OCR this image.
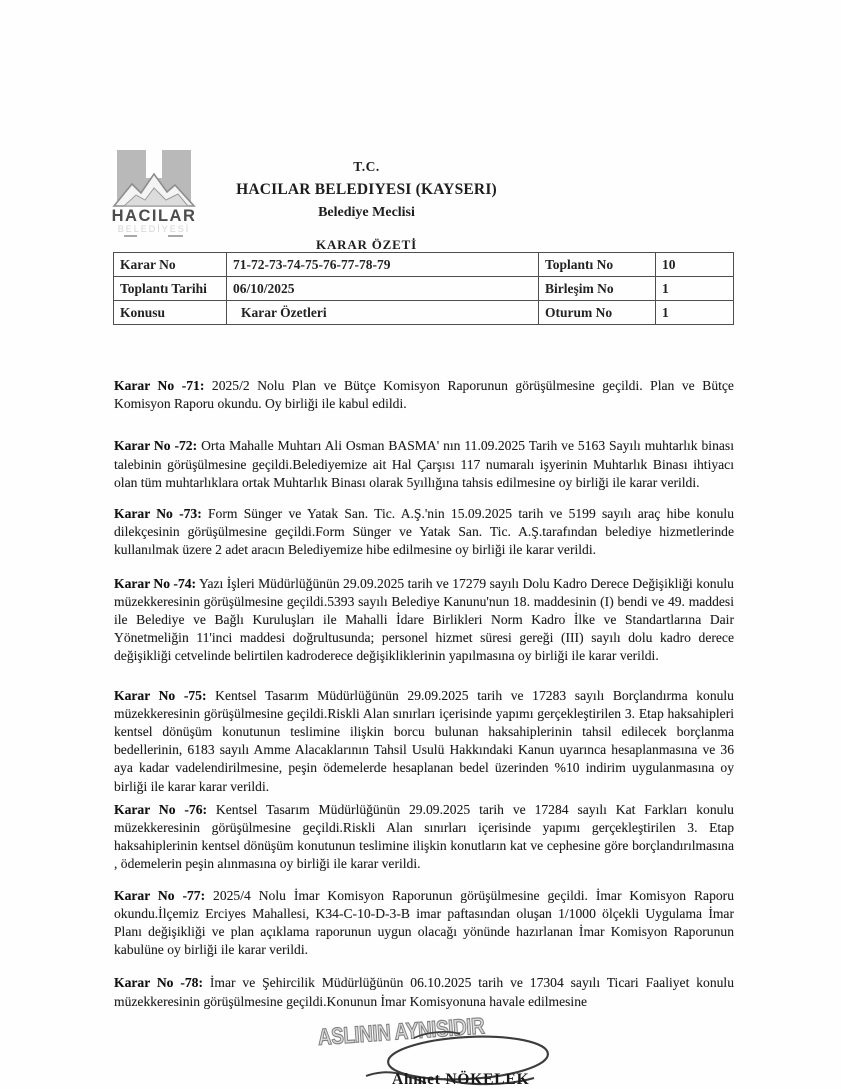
HACILAR
BELEDİYESİ
T.C.
HACILAR BELEDIYESI (KAYSERI)
Belediye Meclisi
KARAR ÖZETİ
Karar No	71-72-73-74-75-76-77-78-79	Toplantı No	10
Toplantı Tarihi	06/10/2025	Birleşim No	1
Konusu	Karar Özetleri	Oturum No	1

Karar No -71: 2025/2 Nolu Plan ve Bütçe Komisyon Raporunun görüşülmesine geçildi. Plan ve Bütçe Komisyon Raporu okundu. Oy birliği ile kabul edildi.

Karar No -72: Orta Mahalle Muhtarı Ali Osman BASMA' nın 11.09.2025 Tarih ve 5163 Sayılı muhtarlık binası talebinin görüşülmesine geçildi.Belediyemize ait Hal Çarşısı 117 numaralı işyerinin Muhtarlık Binası ihtiyacı olan tüm muhtarlıklara ortak Muhtarlık Binası olarak 5yıllığına tahsis edilmesine oy birliği ile karar verildi.

Karar No -73: Form Sünger ve Yatak San. Tic. A.Ş.'nin 15.09.2025 tarih ve 5199 sayılı araç hibe konulu dilekçesinin görüşülmesine geçildi.Form Sünger ve Yatak San. Tic. A.Ş.tarafından belediye hizmetlerinde kullanılmak üzere 2 adet aracın Belediyemize hibe edilmesine oy birliği ile karar verildi.

Karar No -74: Yazı İşleri Müdürlüğünün 29.09.2025 tarih ve 17279 sayılı Dolu Kadro Derece Değişikliği konulu müzekkeresinin görüşülmesine geçildi.5393 sayılı Belediye Kanunu'nun 18. maddesinin (I) bendi ve 49. maddesi ile Belediye ve Bağlı Kuruluşları ile Mahalli İdare Birlikleri Norm Kadro İlke ve Standartlarına Dair Yönetmeliğin 11'inci maddesi doğrultusunda; personel hizmet süresi gereği (III) sayılı dolu kadro derece değişikliği cetvelinde belirtilen kadroderece değişikliklerinin yapılmasına oy birliği ile karar verildi.

Karar No -75: Kentsel Tasarım Müdürlüğünün 29.09.2025 tarih ve 17283 sayılı Borçlandırma konulu müzekkeresinin görüşülmesine geçildi.Riskli Alan sınırları içerisinde yapımı gerçekleştirilen 3. Etap haksahipleri kentsel dönüşüm konutunun teslimine ilişkin borcu bulunan haksahiplerinin tahsil edilecek borçlanma bedellerinin, 6183 sayılı Amme Alacaklarının Tahsil Usulü Hakkındaki Kanun uyarınca hesaplanmasına ve 36 aya kadar vadelendirilmesine, peşin ödemelerde hesaplanan bedel üzerinden %10 indirim uygulanmasına oy birliği ile karar karar verildi.

Karar No -76: Kentsel Tasarım Müdürlüğünün 29.09.2025 tarih ve 17284 sayılı Kat Farkları konulu müzekkeresinin görüşülmesine geçildi.Riskli Alan sınırları içerisinde yapımı gerçekleştirilen 3. Etap haksahiplerinin kentsel dönüşüm konutunun teslimine ilişkin konutların kat ve cephesine göre borçlandırılmasına , ödemelerin peşin alınmasına oy birliği ile karar verildi.

Karar No -77: 2025/4 Nolu İmar Komisyon Raporunun görüşülmesine geçildi. İmar Komisyon Raporu okundu.İlçemiz Erciyes Mahallesi, K34-C-10-D-3-B imar paftasından oluşan 1/1000 ölçekli Uygulama İmar Planı değişikliği ve plan açıklama raporunun uygun olacağı yönünde hazırlanan İmar Komisyon Raporunun kabulüne oy birliği ile karar verildi.

Karar No -78: İmar ve Şehircilik Müdürlüğünün 06.10.2025 tarih ve 17304 sayılı Ticari Faaliyet konulu müzekkeresinin görüşülmesine geçildi.Konunun İmar Komisyonuna havale edilmesine

ASLININ AYNISIDIR
Ahmet NÖKELEK
